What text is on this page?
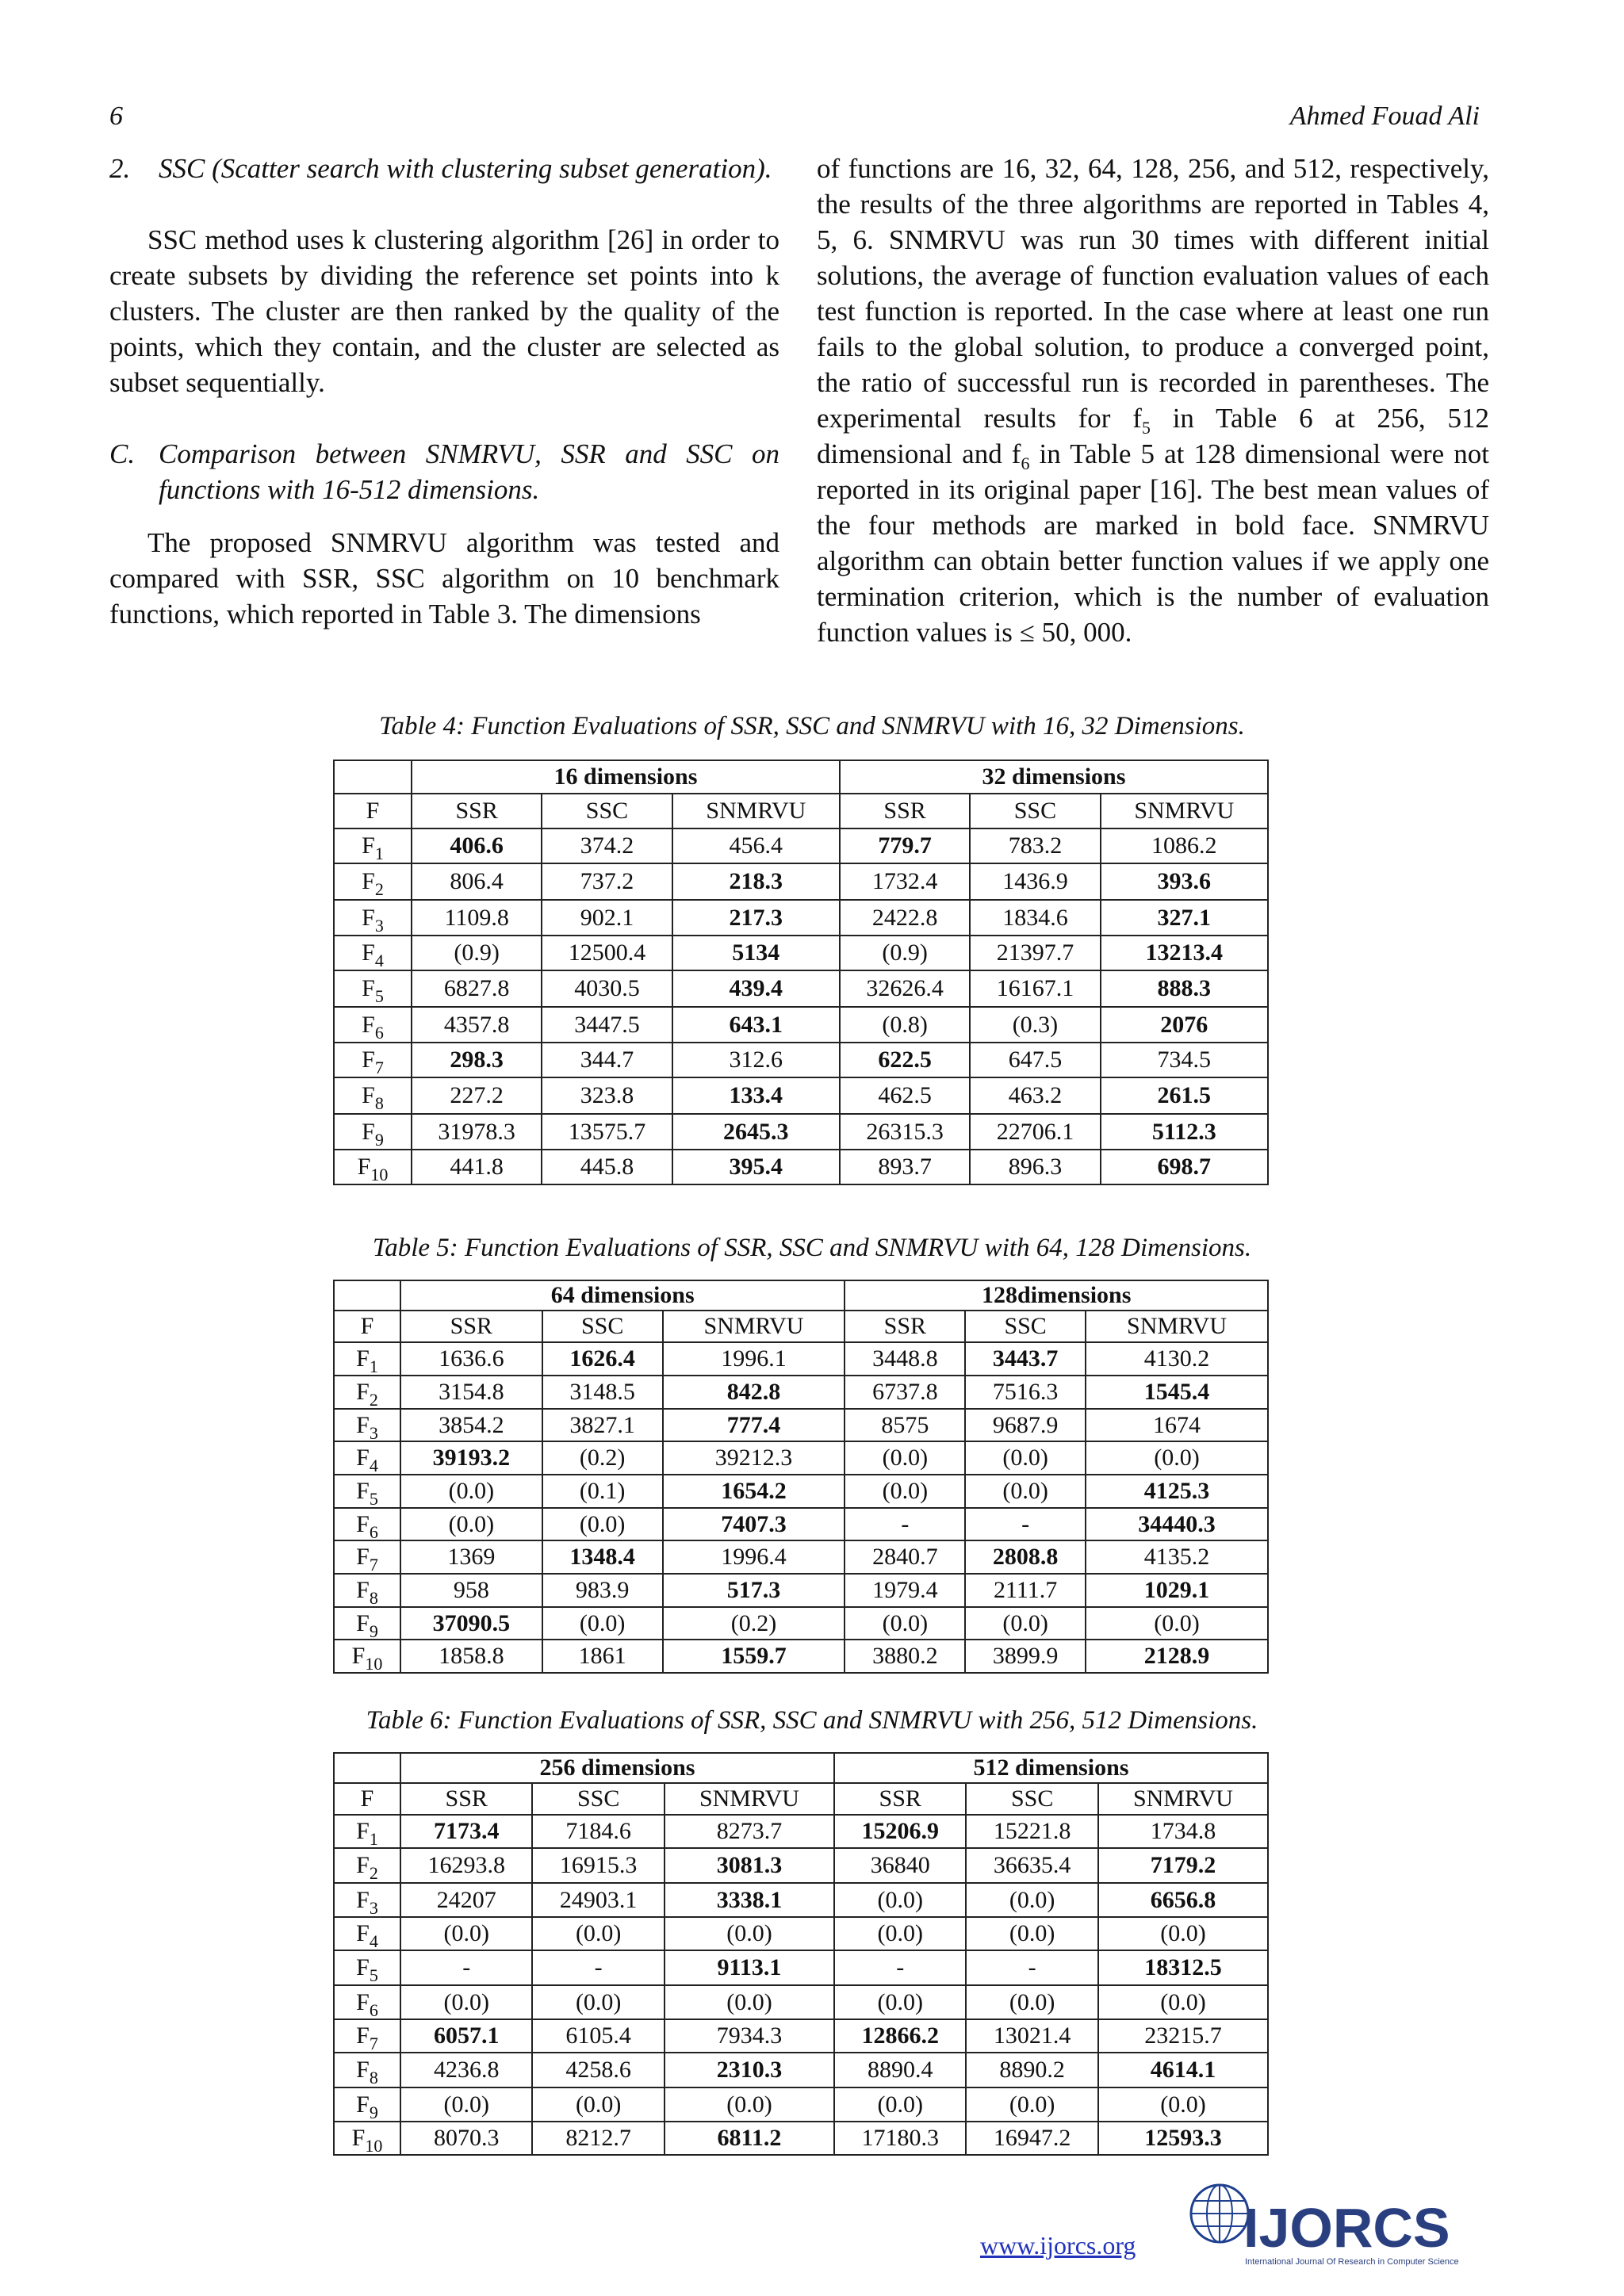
6	Ahmed Fouad Ali
2.	SSC (Scatter search with clustering subset generation).

SSC method uses k clustering algorithm [26] in order to create subsets by dividing the reference set points into k clusters. The cluster are then ranked by the quality of the points, which they contain, and the cluster are selected as subset sequentially.

C. Comparison between SNMRVU, SSR and SSC on functions with 16-512 dimensions.

The proposed SNMRVU algorithm was tested and compared with SSR, SSC algorithm on 10 benchmark functions, which reported in Table 3. The dimensions

of functions are 16, 32, 64, 128, 256, and 512, respectively, the results of the three algorithms are reported in Tables 4, 5, 6. SNMRVU was run 30 times with different initial solutions, the average of function evaluation values of each test function is reported. In the case where at least one run fails to the global solution, to produce a converged point, the ratio of successful run is recorded in parentheses. The experimental results for $f_5$ in Table 6 at 256, 512 dimensional and $f_6$ in Table 5 at 128 dimensional were not reported in its original paper [16]. The best mean values of the four methods are marked in bold face. SNMRVU algorithm can obtain better function values if we apply one termination criterion, which is the number of evaluation function values is ≤ 50, 000.

Table 4: Function Evaluations of SSR, SSC and SNMRVU with 16, 32 Dimensions.
	16 dimensions			32 dimensions		
F	SSR	SSC	SNMRVU	SSR	SSC	SNMRVU
$F_1$	406.6	374.2	456.4	779.7	783.2	1086.2
$F_2$	806.4	737.2	218.3	1732.4	1436.9	393.6
$F_3$	1109.8	902.1	217.3	2422.8	1834.6	327.1
$F_4$	(0.9)	12500.4	5134	(0.9)	21397.7	13213.4
$F_5$	6827.8	4030.5	439.4	32626.4	16167.1	888.3
$F_6$	4357.8	3447.5	643.1	(0.8)	(0.3)	2076
$F_7$	298.3	344.7	312.6	622.5	647.5	734.5
$F_8$	227.2	323.8	133.4	462.5	463.2	261.5
$F_9$	31978.3	13575.7	2645.3	26315.3	22706.1	5112.3
$F_{10}$	441.8	445.8	395.4	893.7	896.3	698.7
Table 5: Function Evaluations of SSR, SSC and SNMRVU with 64, 128 Dimensions.
	64 dimensions			128dimensions		
F	SSR	SSC	SNMRVU	SSR	SSC	SNMRVU
$F_1$	1636.6	1626.4	1996.1	3448.8	3443.7	4130.2
$F_2$	3154.8	3148.5	842.8	6737.8	7516.3	1545.4
$F_3$	3854.2	3827.1	777.4	8575	9687.9	1674
$F_4$	39193.2	(0.2)	39212.3	(0.0)	(0.0)	(0.0)
$F_5$	(0.0)	(0.1)	1654.2	(0.0)	(0.0)	4125.3
$F_6$	(0.0)	(0.0)	7407.3	-	-	34440.3
$F_7$	1369	1348.4	1996.4	2840.7	2808.8	4135.2
$F_8$	958	983.9	517.3	1979.4	2111.7	1029.1
$F_9$	37090.5	(0.0)	(0.2)	(0.0)	(0.0)	(0.0)
$F_{10}$	1858.8	1861	1559.7	3880.2	3899.9	2128.9
Table 6: Function Evaluations of SSR, SSC and SNMRVU with 256, 512 Dimensions.
	256 dimensions			512 dimensions		
F	SSR	SSC	SNMRVU	SSR	SSC	SNMRVU
$F_1$	7173.4	7184.6	8273.7	15206.9	15221.8	1734.8
$F_2$	16293.8	16915.3	3081.3	36840	36635.4	7179.2
$F_3$	24207	24903.1	3338.1	(0.0)	(0.0)	6656.8
$F_4$	(0.0)	(0.0)	(0.0)	(0.0)	(0.0)	(0.0)
$F_5$	-	-	9113.1	-	-	18312.5
$F_6$	(0.0)	(0.0)	(0.0)	(0.0)	(0.0)	(0.0)
$F_7$	6057.1	6105.4	7934.3	12866.2	13021.4	23215.7
$F_8$	4236.8	4258.6	2310.3	8890.4	8890.2	4614.1
$F_9$	(0.0)	(0.0)	(0.0)	(0.0)	(0.0)	(0.0)
$F_{10}$	8070.3	8212.7	6811.2	17180.3	16947.2	12593.3
www.ijorcs.org IJORCS
International Journal Of Research in Computer Science
